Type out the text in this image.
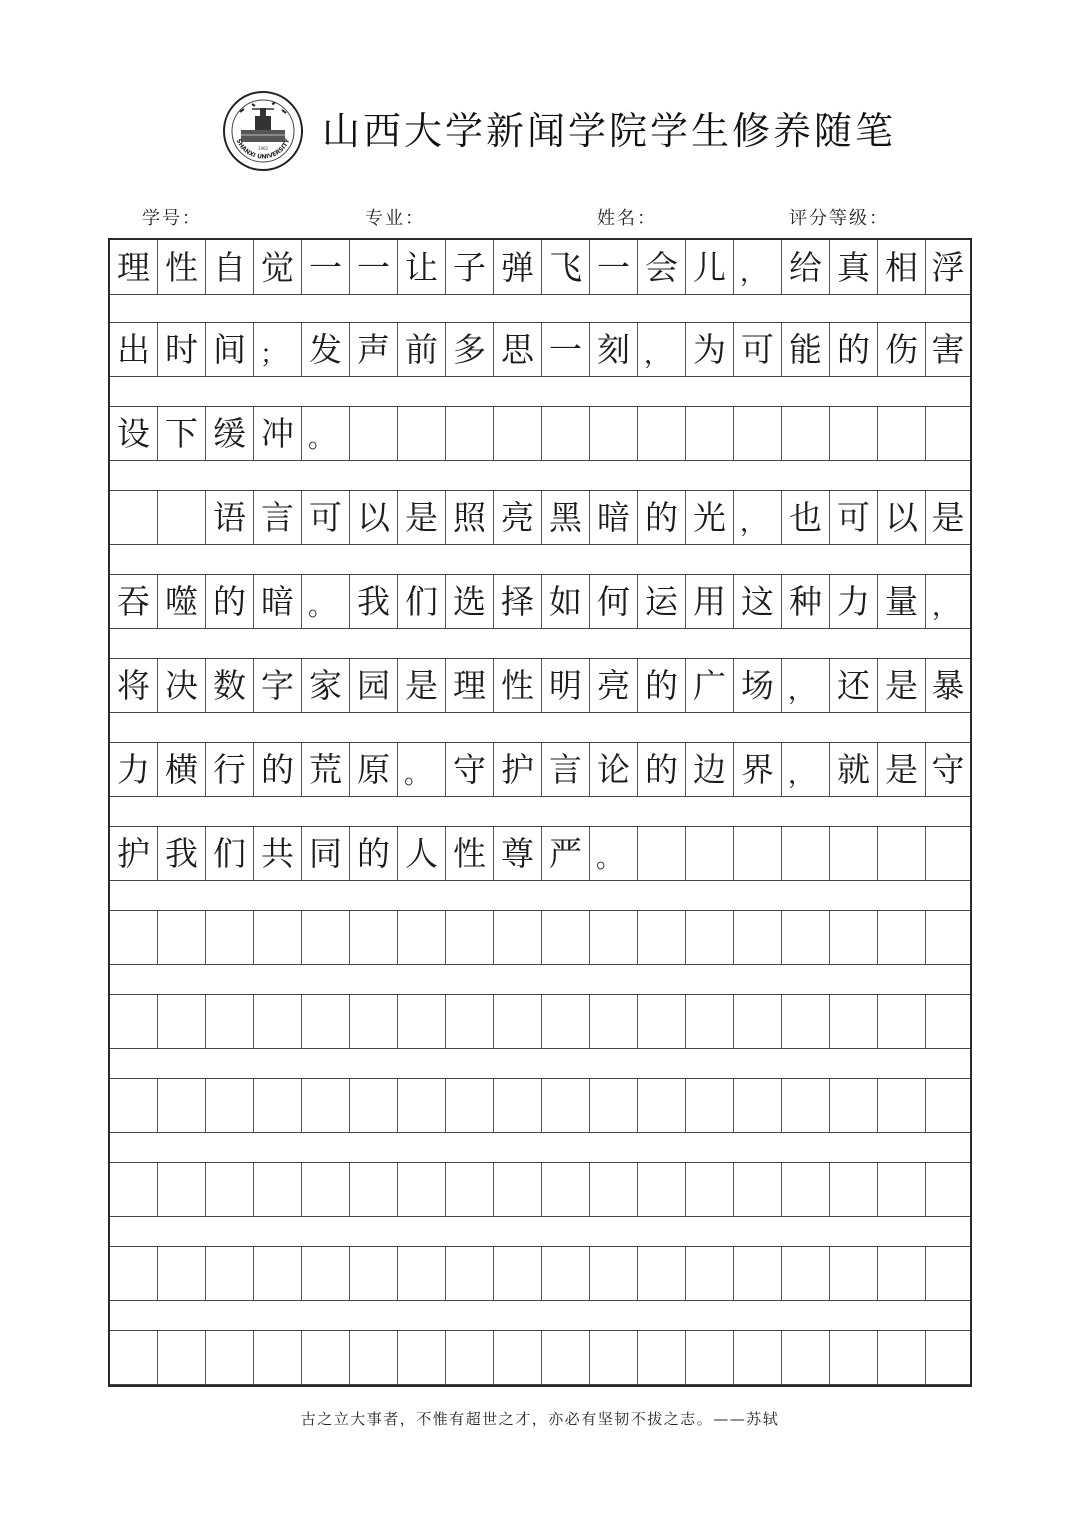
1902
SHANXI UNIVERSITY 山西大学新闻学院学生修养随笔
学号：	专业：	姓名：	评分等级：
理 性 自 觉 一 一 让 子 弹 飞 一 会 儿 ， 给 真 相 浮
出 时 间 ； 发 声 前 多 思 一 刻 ， 为 可 能 的 伤 害
设 下 缓 冲 。
语 言 可 以 是 照 亮 黑 暗 的 光 ， 也 可 以 是
吞 噬 的 暗 。 我 们 选 择 如 何 运 用 这 种 力 量 ，
将 决 数 字 家 园 是 理 性 明 亮 的 广 场 ， 还 是 暴
力 横 行 的 荒 原 。 守 护 言 论 的 边 界 ， 就 是 守
护 我 们 共 同 的 人 性 尊 严 。
古之立大事者，不惟有超世之才，亦必有坚韧不拔之志。——苏轼
